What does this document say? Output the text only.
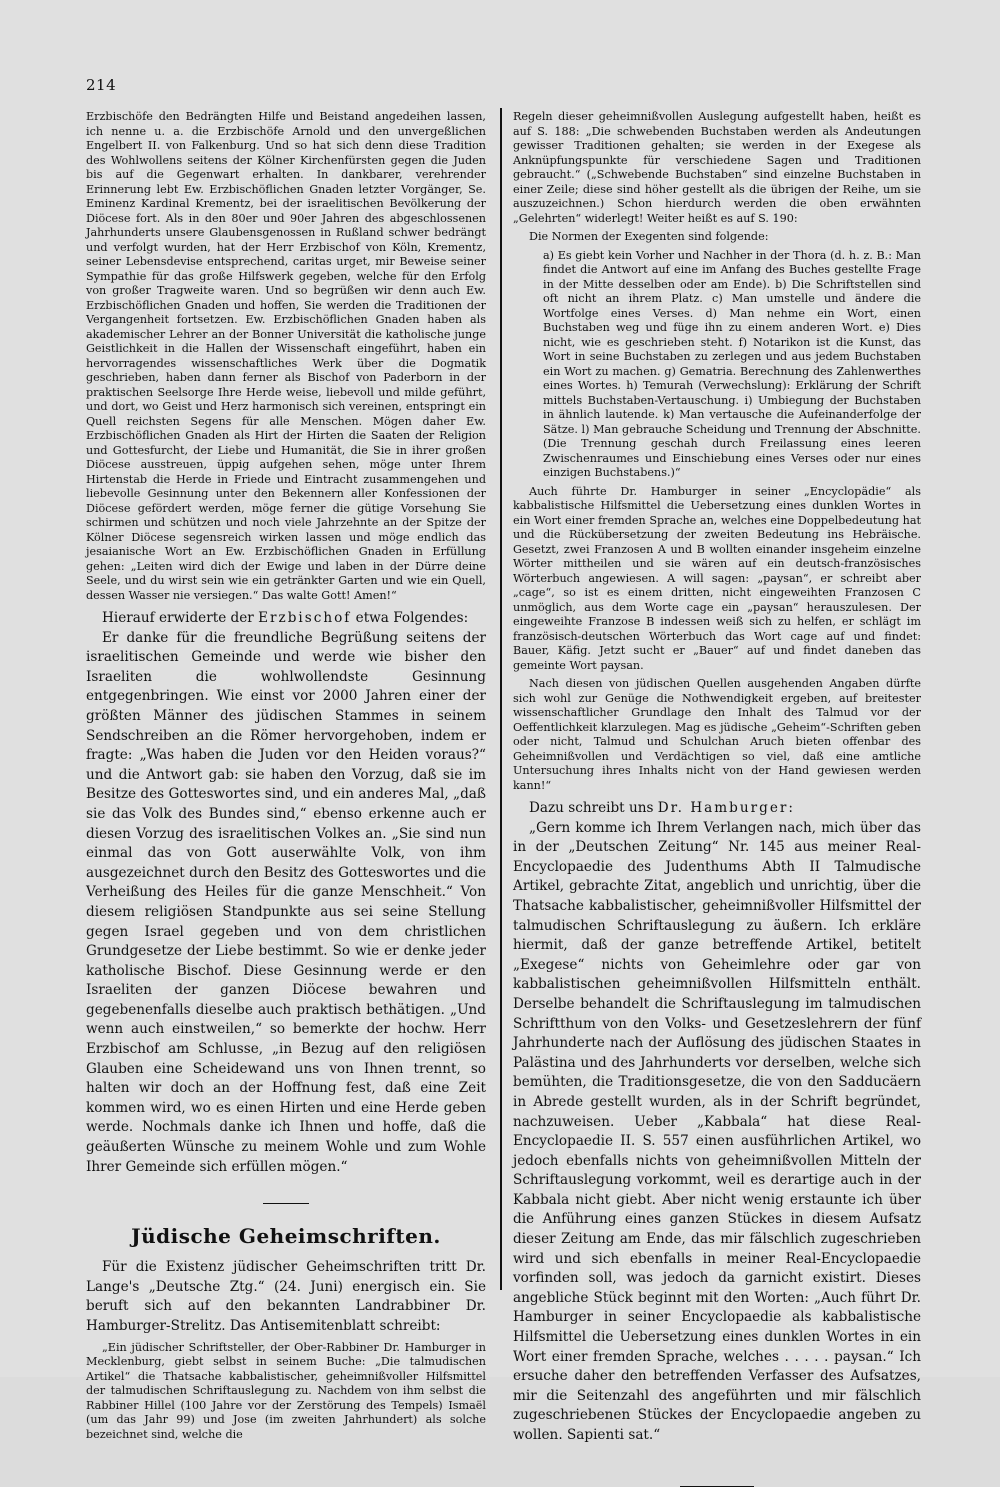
214

Erzbischöfe den Bedrängten Hilfe und Beistand angedeihen lassen, ich nenne u. a. die Erzbischöfe Arnold und den unvergeßlichen Engelbert II. von Falkenburg. Und so hat sich denn diese Tradition des Wohlwollens seitens der Kölner Kirchenfürsten gegen die Juden bis auf die Gegenwart erhalten. In dankbarer, verehrender Erinnerung lebt Ew. Erzbischöflichen Gnaden letzter Vorgänger, Se. Eminenz Kardinal Krementz, bei der israelitischen Bevölkerung der Diöcese fort. Als in den 80er und 90er Jahren des abgeschlossenen Jahrhunderts unsere Glaubensgenossen in Rußland schwer bedrängt und verfolgt wurden, hat der Herr Erzbischof von Köln, Krementz, seiner Lebensdevise entsprechend, caritas urget, mir Beweise seiner Sympathie für das große Hilfswerk gegeben, welche für den Erfolg von großer Tragweite waren. Und so begrüßen wir denn auch Ew. Erzbischöflichen Gnaden und hoffen, Sie werden die Traditionen der Vergangenheit fortsetzen. Ew. Erzbischöflichen Gnaden haben als akademischer Lehrer an der Bonner Universität die katholische junge Geistlichkeit in die Hallen der Wissenschaft eingeführt, haben ein hervorragendes wissenschaftliches Werk über die Dogmatik geschrieben, haben dann ferner als Bischof von Paderborn in der praktischen Seelsorge Ihre Herde weise, liebevoll und milde geführt, und dort, wo Geist und Herz harmonisch sich vereinen, entspringt ein Quell reichsten Segens für alle Menschen. Mögen daher Ew. Erzbischöflichen Gnaden als Hirt der Hirten die Saaten der Religion und Gottesfurcht, der Liebe und Humanität, die Sie in ihrer großen Diöcese ausstreuen, üppig aufgehen sehen, möge unter Ihrem Hirtenstab die Herde in Friede und Eintracht zusammengehen und liebevolle Gesinnung unter den Bekennern aller Konfessionen der Diöcese gefördert werden, möge ferner die gütige Vorsehung Sie schirmen und schützen und noch viele Jahrzehnte an der Spitze der Kölner Diöcese segensreich wirken lassen und möge endlich das jesaianische Wort an Ew. Erzbischöflichen Gnaden in Erfüllung gehen: „Leiten wird dich der Ewige und laben in der Dürre deine Seele, und du wirst sein wie ein getränkter Garten und wie ein Quell, dessen Wasser nie versiegen.“ Das walte Gott! Amen!“

Hierauf erwiderte der Erzbischof etwa Folgendes:

Er danke für die freundliche Begrüßung seitens der israelitischen Gemeinde und werde wie bisher den Israeliten die wohlwollendste Gesinnung entgegenbringen. Wie einst vor 2000 Jahren einer der größten Männer des jüdischen Stammes in seinem Sendschreiben an die Römer hervorgehoben, indem er fragte: „Was haben die Juden vor den Heiden voraus?“ und die Antwort gab: sie haben den Vorzug, daß sie im Besitze des Gotteswortes sind, und ein anderes Mal, „daß sie das Volk des Bundes sind,“ ebenso erkenne auch er diesen Vorzug des israelitischen Volkes an. „Sie sind nun einmal das von Gott auserwählte Volk, von ihm ausgezeichnet durch den Besitz des Gotteswortes und die Verheißung des Heiles für die ganze Menschheit.“ Von diesem religiösen Standpunkte aus sei seine Stellung gegen Israel gegeben und von dem christlichen Grundgesetze der Liebe bestimmt. So wie er denke jeder katholische Bischof. Diese Gesinnung werde er den Israeliten der ganzen Diöcese bewahren und gegebenenfalls dieselbe auch praktisch bethätigen. „Und wenn auch einstweilen,“ so bemerkte der hochw. Herr Erzbischof am Schlusse, „in Bezug auf den religiösen Glauben eine Scheidewand uns von Ihnen trennt, so halten wir doch an der Hoffnung fest, daß eine Zeit kommen wird, wo es einen Hirten und eine Herde geben werde. Nochmals danke ich Ihnen und hoffe, daß die geäußerten Wünsche zu meinem Wohle und zum Wohle Ihrer Gemeinde sich erfüllen mögen.“

Jüdische Geheimschriften.

Für die Existenz jüdischer Geheimschriften tritt Dr. Lange's „Deutsche Ztg.“ (24. Juni) energisch ein. Sie beruft sich auf den bekannten Landrabbiner Dr. Hamburger-Strelitz. Das Antisemitenblatt schreibt:

„Ein jüdischer Schriftsteller, der Ober-Rabbiner Dr. Hamburger in Mecklenburg, giebt selbst in seinem Buche: „Die talmudischen Artikel“ die Thatsache kabbalistischer, geheimnißvoller Hilfsmittel der talmudischen Schriftauslegung zu. Nachdem von ihm selbst die Rabbiner Hillel (100 Jahre vor der Zerstörung des Tempels) Ismaël (um das Jahr 99) und Jose (im zweiten Jahrhundert) als solche bezeichnet sind, welche die

Regeln dieser geheimnißvollen Auslegung aufgestellt haben, heißt es auf S. 188: „Die schwebenden Buchstaben werden als Andeutungen gewisser Traditionen gehalten; sie werden in der Exegese als Anknüpfungspunkte für verschiedene Sagen und Traditionen gebraucht.“ („Schwebende Buchstaben“ sind einzelne Buchstaben in einer Zeile; diese sind höher gestellt als die übrigen der Reihe, um sie auszuzeichnen.) Schon hierdurch werden die oben erwähnten „Gelehrten“ widerlegt! Weiter heißt es auf S. 190:

Die Normen der Exegenten sind folgende:

a) Es giebt kein Vorher und Nachher in der Thora (d. h. z. B.: Man findet die Antwort auf eine im Anfang des Buches gestellte Frage in der Mitte desselben oder am Ende). b) Die Schriftstellen sind oft nicht an ihrem Platz. c) Man umstelle und ändere die Wortfolge eines Verses. d) Man nehme ein Wort, einen Buchstaben weg und füge ihn zu einem anderen Wort. e) Dies nicht, wie es geschrieben steht. f) Notarikon ist die Kunst, das Wort in seine Buchstaben zu zerlegen und aus jedem Buchstaben ein Wort zu machen. g) Gematria. Berechnung des Zahlenwerthes eines Wortes. h) Temurah (Verwechslung): Erklärung der Schrift mittels Buchstaben-Vertauschung. i) Umbiegung der Buchstaben in ähnlich lautende. k) Man vertausche die Aufeinanderfolge der Sätze. l) Man gebrauche Scheidung und Trennung der Abschnitte. (Die Trennung geschah durch Freilassung eines leeren Zwischenraumes und Einschiebung eines Verses oder nur eines einzigen Buchstabens.)“

Auch führte Dr. Hamburger in seiner „Encyclopädie“ als kabbalistische Hilfsmittel die Uebersetzung eines dunklen Wortes in ein Wort einer fremden Sprache an, welches eine Doppelbedeutung hat und die Rückübersetzung der zweiten Bedeutung ins Hebräische. Gesetzt, zwei Franzosen A und B wollten einander insgeheim einzelne Wörter mittheilen und sie wären auf ein deutsch-französisches Wörterbuch angewiesen. A will sagen: „paysan“, er schreibt aber „cage“, so ist es einem dritten, nicht eingeweihten Franzosen C unmöglich, aus dem Worte cage ein „paysan“ herauszulesen. Der eingeweihte Franzose B indessen weiß sich zu helfen, er schlägt im französisch-deutschen Wörterbuch das Wort cage auf und findet: Bauer, Käfig. Jetzt sucht er „Bauer“ auf und findet daneben das gemeinte Wort paysan.

Nach diesen von jüdischen Quellen ausgehenden Angaben dürfte sich wohl zur Genüge die Nothwendigkeit ergeben, auf breitester wissenschaftlicher Grundlage den Inhalt des Talmud vor der Oeffentlichkeit klarzulegen. Mag es jüdische „Geheim“-Schriften geben oder nicht, Talmud und Schulchan Aruch bieten offenbar des Geheimnißvollen und Verdächtigen so viel, daß eine amtliche Untersuchung ihres Inhalts nicht von der Hand gewiesen werden kann!“

Dazu schreibt uns Dr. Hamburger:

„Gern komme ich Ihrem Verlangen nach, mich über das in der „Deutschen Zeitung“ Nr. 145 aus meiner Real-Encyclopaedie des Judenthums Abth II Talmudische Artikel, gebrachte Zitat, angeblich und unrichtig, über die Thatsache kabbalistischer, geheimnißvoller Hilfsmittel der talmudischen Schriftauslegung zu äußern. Ich erkläre hiermit, daß der ganze betreffende Artikel, betitelt „Exegese“ nichts von Geheimlehre oder gar von kabbalistischen geheimnißvollen Hilfsmitteln enthält. Derselbe behandelt die Schriftauslegung im talmudischen Schriftthum von den Volks- und Gesetzeslehrern der fünf Jahrhunderte nach der Auflösung des jüdischen Staates in Palästina und des Jahrhunderts vor derselben, welche sich bemühten, die Traditionsgesetze, die von den Sadducäern in Abrede gestellt wurden, als in der Schrift begründet, nachzuweisen. Ueber „Kabbala“ hat diese Real-Encyclopaedie II. S. 557 einen ausführlichen Artikel, wo jedoch ebenfalls nichts von geheimnißvollen Mitteln der Schriftauslegung vorkommt, weil es derartige auch in der Kabbala nicht giebt. Aber nicht wenig erstaunte ich über die Anführung eines ganzen Stückes in diesem Aufsatz dieser Zeitung am Ende, das mir fälschlich zugeschrieben wird und sich ebenfalls in meiner Real-Encyclopaedie vorfinden soll, was jedoch da garnicht existirt. Dieses angebliche Stück beginnt mit den Worten: „Auch führt Dr. Hamburger in seiner Encyclopaedie als kabbalistische Hilfsmittel die Uebersetzung eines dunklen Wortes in ein Wort einer fremden Sprache, welches . . . . . paysan.“ Ich ersuche daher den betreffenden Verfasser des Aufsatzes, mir die Seitenzahl des angeführten und mir fälschlich zugeschriebenen Stückes der Encyclopaedie angeben zu wollen. Sapienti sat.“
